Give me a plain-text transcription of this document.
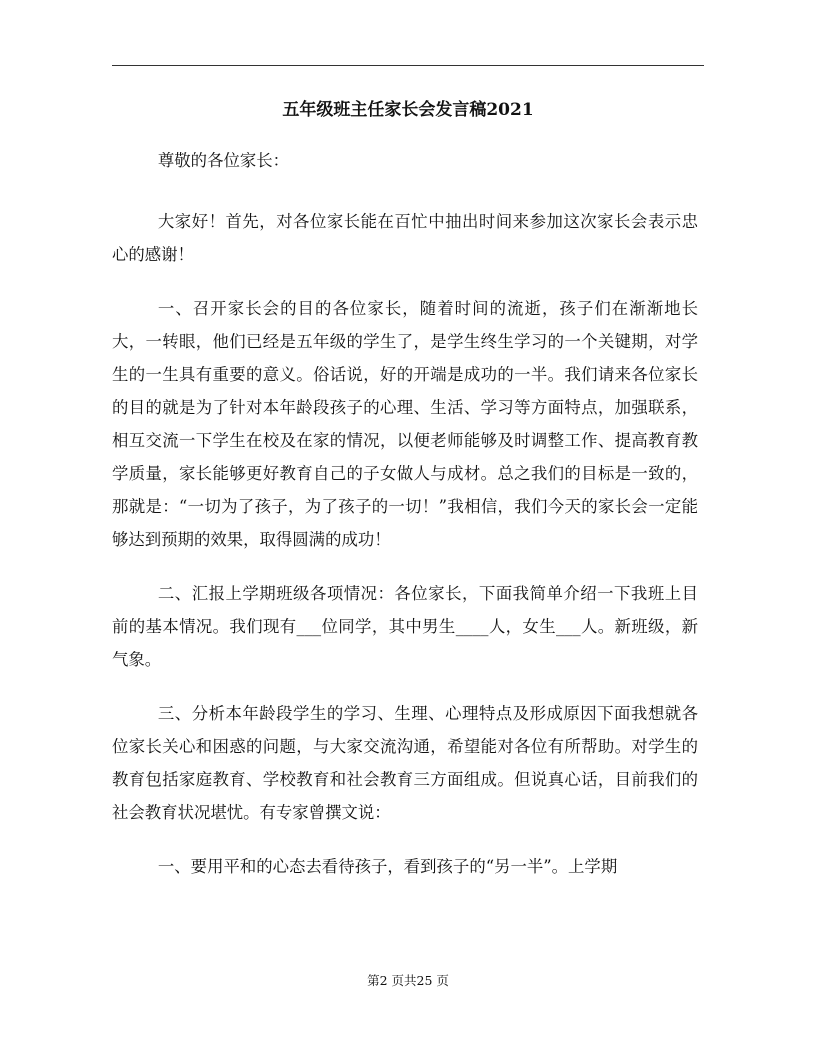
五年级班主任家长会发言稿2021

尊敬的各位家长：

大家好！首先，对各位家长能在百忙中抽出时间来参加这次家长会表示忠心的感谢！

一、召开家长会的目的各位家长，随着时间的流逝，孩子们在渐渐地长大，一转眼，他们已经是五年级的学生了，是学生终生学习的一个关键期，对学生的一生具有重要的意义。俗话说，好的开端是成功的一半。我们请来各位家长的目的就是为了针对本年龄段孩子的心理、生活、学习等方面特点，加强联系，相互交流一下学生在校及在家的情况，以便老师能够及时调整工作、提高教育教学质量，家长能够更好教育自己的子女做人与成材。总之我们的目标是一致的，那就是：“一切为了孩子，为了孩子的一切！”我相信，我们今天的家长会一定能够达到预期的效果，取得圆满的成功！

二、汇报上学期班级各项情况：各位家长，下面我简单介绍一下我班上目前的基本情况。我们现有___位同学，其中男生____人，女生___人。新班级，新气象。

三、分析本年龄段学生的学习、生理、心理特点及形成原因下面我想就各位家长关心和困惑的问题，与大家交流沟通，希望能对各位有所帮助。对学生的教育包括家庭教育、学校教育和社会教育三方面组成。但说真心话，目前我们的社会教育状况堪忧。有专家曾撰文说：

一、要用平和的心态去看待孩子，看到孩子的“另一半”。上学期

第2 页共25 页
